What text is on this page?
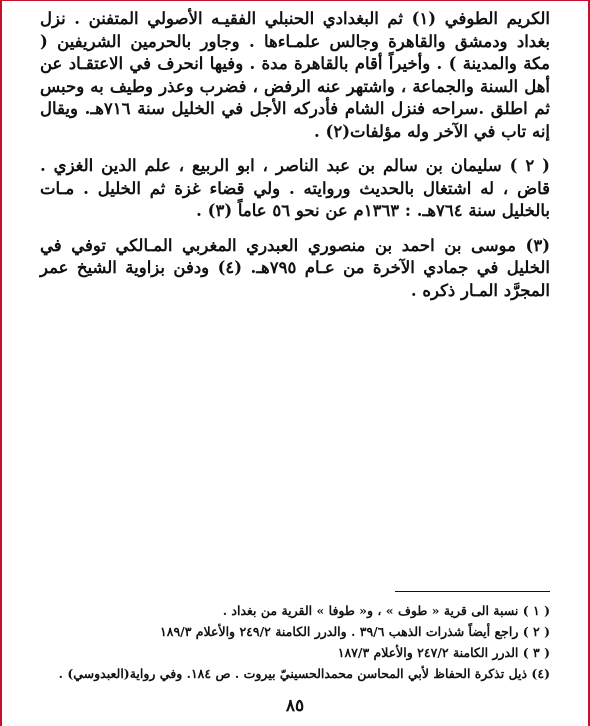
الكريم الطوفي (١) ثم البغدادي الحنبلي الفقيـه الأصولي المتفنن . نزل بغداد ودمشق والقاهرة وجالس علمـاءها . وجاور بالحرمين الشريفين ( مكة والمدينة ) . وأخيراً أقام بالقاهرة مدة . وفيها انحرف في الاعتقـاد عن أهل السنة والجماعة ، واشتهر عنه الرفض ، فضرب وعذر وطيف به وحبس ثم اطلق .سراحه فنزل الشام فأدركه الأجل في الخليل سنة ٧١٦هـ. ويقال إنه تاب في الآخر وله مؤلفات(٢) .

( ٢ ) سليمان بن سالم بن عبد الناصر ، ابو الربيع ، علم الدين الغزي . قاض ، له اشتغال بالحديث وروايته . ولي قضاء غزة ثم الخليل . مـات بالخليل سنة ٧٦٤هـ. : ١٣٦٣م عن نحو ٥٦ عاماً (٣) .

(٣) موسى بن احمد بن منصوري العبدري المغربي المـالكي توفي في الخليل في جمادي الآخرة من عـام ٧٩٥هـ. (٤) ودفن بزاوية الشيخ عمر المجرَّد المـار ذكره .

( ١ ) نسبة الى قرية « طوف » ، و« طوفا » القرية من بغداد .

( ٢ ) راجع أيضاً شذرات الذهب ٣٩/٦ . والدرر الكامنة ٢٤٩/٢ والأعلام ١٨٩/٣

( ٣ ) الدرر الكامنة ٢٤٧/٢ والأعلام ١٨٧/٣

(٤) ذيل تذكرة الحفاظ لأبي المحاسن محمدالحسينيّ بيروت . ص ١٨٤. وفي رواية(العبدوسي) .

٨٥
